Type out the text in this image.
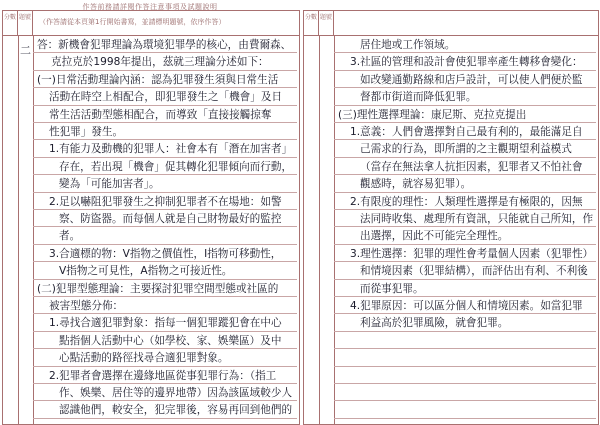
作答前務請詳閱作答注意事項及試題說明
分數 題號
（作答請從本頁第1行開始書寫，並請標明題號，依序作答）
二 答：新機會犯罪理論為環境犯罪學的核心，由費爾森、
克拉克於1998年提出，茲就三理論分述如下：
(一)日常活動理論內涵：認為犯罪發生須與日常生活
活動在時空上相配合，即犯罪發生之「機會」及日
常生活活動型態相配合，而導致「直接接觸掠奪
性犯罪」發生。
1.有能力及動機的犯罪人：社會本有「潛在加害者」
存在，若出現「機會」促其轉化犯罪傾向而行動，
變為「可能加害者」。
2.足以嚇阻犯罪發生之抑制犯罪者不在場地：如警
察、防盜器。而每個人就是自己財物最好的監控
者。
3.合適標的物：V指物之價值性，I指物可移動性，
V指物之可見性，A指物之可接近性。
(二)犯罪型態理論：主要探討犯罪空間型態或社區的
被害型態分佈：
1.尋找合適犯罪對象：指每一個犯罪蹤犯會在中心
點指個人活動中心（如學校、家、娛樂區）及中
心點活動的路徑找尋合適犯罪對象。
2.犯罪者會選擇在邊緣地區從事犯罪行為：（指工
作、娛樂、居住等的邊界地帶）因為該區域較少人
認識他們，較安全，犯完罪後，容易再回到他們的
分數 題號
居住地或工作領域。
3.社區的管理和設計會使犯罪率產生轉移會變化：
如改變通勤路線和店戶設計，可以使人們便於監
督都市街道而降低犯罪。
(三)理性選擇理論：康尼斯、克拉克提出
1.意義：人們會選擇對自己最有利的，最能滿足自
己需求的行為，即所謂的之主觀期望利益模式
（當存在無法拿人抗拒因素，犯罪者又不怕社會
觀感時，就容易犯罪）。
2.有限度的理性：人類理性選擇是有極限的，因無
法同時收集、處理所有資訊，只能就自己所知，作
出選擇，因此不可能完全理性。
3.理性選擇：犯罪的理性會考量個人因素（犯罪性）
和情境因素（犯罪結構），而評估出有利、不利後
而從事犯罪。
4.犯罪原因：可以區分個人和情境因素。如當犯罪
利益高於犯罪風險，就會犯罪。
